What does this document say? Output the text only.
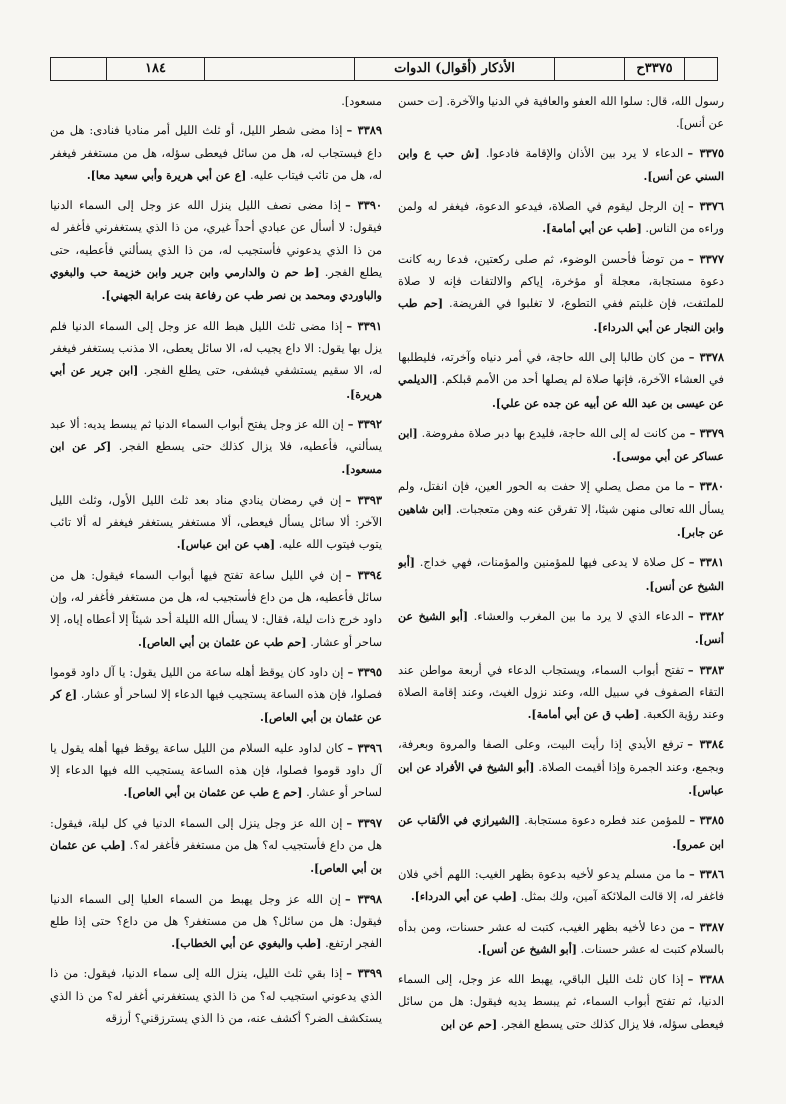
١٨٤	الأذكار (أقوال) الدوات	٣٣٧٥ح
رسول الله، قال: سلوا الله العفو والعافية في الدنيا والآخرة. [ت حسن عن أنس].
٣٣٧٥ –الدعاء لا يرد بين الأذان والإقامة فادعوا. [ش حب ع وابن السني عن أنس].
٣٣٧٦ –إن الرجل ليقوم في الصلاة، فيدعو الدعوة، فيغفر له ولمن وراءه من الناس. [طب عن أبي أمامة].
٣٣٧٧ –من توضأ فأحسن الوضوء، ثم صلى ركعتين، فدعا ربه كانت دعوة مستجابة، معجلة أو مؤخرة، إياكم والالتفات فإنه لا صلاة للملتفت، فإن غلبتم ففي التطوع، لا تغلبوا في الفريضة. [حم طب وابن النجار عن أبي الدرداء].
٣٣٧٨ –من كان طالبا إلى الله حاجة، في أمر دنياه وآخرته، فليطلبها في العشاء الآخرة، فإنها صلاة لم يصلها أحد من الأمم قبلكم. [الديلمي عن عيسى بن عبد الله عن أبيه عن جده عن علي].
٣٣٧٩ –من كانت له إلى الله حاجة، فليدع بها دبر صلاة مفروضة. [ابن عساكر عن أبي موسى].
٣٣٨٠ –ما من مصل يصلي إلا حفت به الحور العين، فإن انفتل، ولم يسأل الله تعالى منهن شيئا، إلا تفرقن عنه وهن متعجبات. [ابن شاهين عن جابر].
٣٣٨١ –كل صلاة لا يدعى فيها للمؤمنين والمؤمنات، فهي خداج. [أبو الشيخ عن أنس].
٣٣٨٢ –الدعاء الذي لا يرد ما بين المغرب والعشاء. [أبو الشيخ عن أنس].
٣٣٨٣ –تفتح أبواب السماء، ويستجاب الدعاء في أربعة مواطن عند التقاء الصفوف في سبيل الله، وعند نزول الغيث، وعند إقامة الصلاة وعند رؤية الكعبة. [طب ق عن أبي أمامة].
٣٣٨٤ –ترفع الأيدي إذا رأيت البيت، وعلى الصفا والمروة وبعرفة، وبجمع، وعند الجمرة وإذا أقيمت الصلاة. [أبو الشيخ في الأفراد عن ابن عباس].
٣٣٨٥ –للمؤمن عند فطره دعوة مستجابة. [الشيرازي في الألقاب عن ابن عمرو].
٣٣٨٦ –ما من مسلم يدعو لأخيه بدعوة بظهر الغيب: اللهم أخي فلان فاغفر له، إلا قالت الملائكة آمين، ولك بمثل. [طب عن أبي الدرداء].
٣٣٨٧ –من دعا لأخيه بظهر الغيب، كتبت له عشر حسنات، ومن بدأه بالسلام كتبت له عشر حسنات. [أبو الشيخ عن أنس].
٣٣٨٨ –إذا كان ثلث الليل الباقي، يهبط الله عز وجل، إلى السماء الدنيا، ثم تفتح أبواب السماء، ثم يبسط يديه فيقول: هل من سائل فيعطى سؤله، فلا يزال كذلك حتى يسطع الفجر. [حم عن ابن
مسعود].
٣٣٨٩ –إذا مضى شطر الليل، أو ثلث الليل أمر مناديا فنادى: هل من داع فيستجاب له، هل من سائل فيعطى سؤله، هل من مستغفر فيغفر له، هل من تائب فيتاب عليه. [ع عن أبي هريرة وأبي سعيد معا].
٣٣٩٠ –إذا مضى نصف الليل ينزل الله عز وجل إلى السماء الدنيا فيقول: لا أسأل عن عبادي أحداً غيري، من ذا الذي يستغفرني فأغفر له من ذا الذي يدعوني فأستجيب له، من ذا الذي يسألني فأعطيه، حتى يطلع الفجر. [ط حم ن والدارمي وابن جرير وابن خزيمة حب والبغوي والباوردي ومحمد بن نصر طب عن رفاعة بنت عرابة الجهني].
٣٣٩١ –إذا مضى ثلث الليل هبط الله عز وجل إلى السماء الدنيا فلم يزل بها يقول: الا داع يجيب له، الا سائل يعطى، الا مذنب يستغفر فيغفر له، الا سقيم يستشفي فيشفى، حتى يطلع الفجر. [ابن جرير عن أبي هريرة].
٣٣٩٢ –إن الله عز وجل يفتح أبواب السماء الدنيا ثم يبسط يديه: ألا عبد يسألني، فأعطيه، فلا يزال كذلك حتى يسطع الفجر. [كر عن ابن مسعود].
٣٣٩٣ –إن في رمضان ينادي مناد بعد ثلث الليل الأول، وثلث الليل الآخر: ألا سائل يسأل فيعطى، ألا مستغفر يستغفر فيغفر له ألا تائب يتوب فيتوب الله عليه. [هب عن ابن عباس].
٣٣٩٤ –إن في الليل ساعة تفتح فيها أبواب السماء فيقول: هل من سائل فأعطيه، هل من داع فأستجيب له، هل من مستغفر فأغفر له، وإن داود خرج ذات ليلة، فقال: لا يسأل الله الليلة أحد شيئاً إلا أعطاه إياه، إلا ساحر أو عشار. [حم طب عن عثمان بن أبي العاص].
٣٣٩٥ –إن داود كان يوقظ أهله ساعة من الليل يقول: يا آل داود قوموا فصلوا، فإن هذه الساعة يستجيب فيها الدعاء إلا لساحر أو عشار. [ع كر عن عثمان بن أبي العاص].
٣٣٩٦ –كان لداود عليه السلام من الليل ساعة يوقظ فيها أهله يقول يا آل داود قوموا فصلوا، فإن هذه الساعة يستجيب الله فيها الدعاء إلا لساحر أو عشار. [حم ع طب عن عثمان بن أبي العاص].
٣٣٩٧ –إن الله عز وجل ينزل إلى السماء الدنيا في كل ليلة، فيقول: هل من داع فأستجيب له؟ هل من مستغفر فأغفر له؟. [طب عن عثمان بن أبي العاص].
٣٣٩٨ –إن الله عز وجل يهبط من السماء العليا إلى السماء الدنيا فيقول: هل من سائل؟ هل من مستغفر؟ هل من داع؟ حتى إذا طلع الفجر ارتفع. [طب والبغوي عن أبي الخطاب].
٣٣٩٩ –إذا بقي ثلث الليل، ينزل الله إلى سماء الدنيا، فيقول: من ذا الذي يدعوني استجيب له؟ من ذا الذي يستغفرني أغفر له؟ من ذا الذي يستكشف الضر؟ أكشف عنه، من ذا الذي يسترزقني؟ أرزقه
